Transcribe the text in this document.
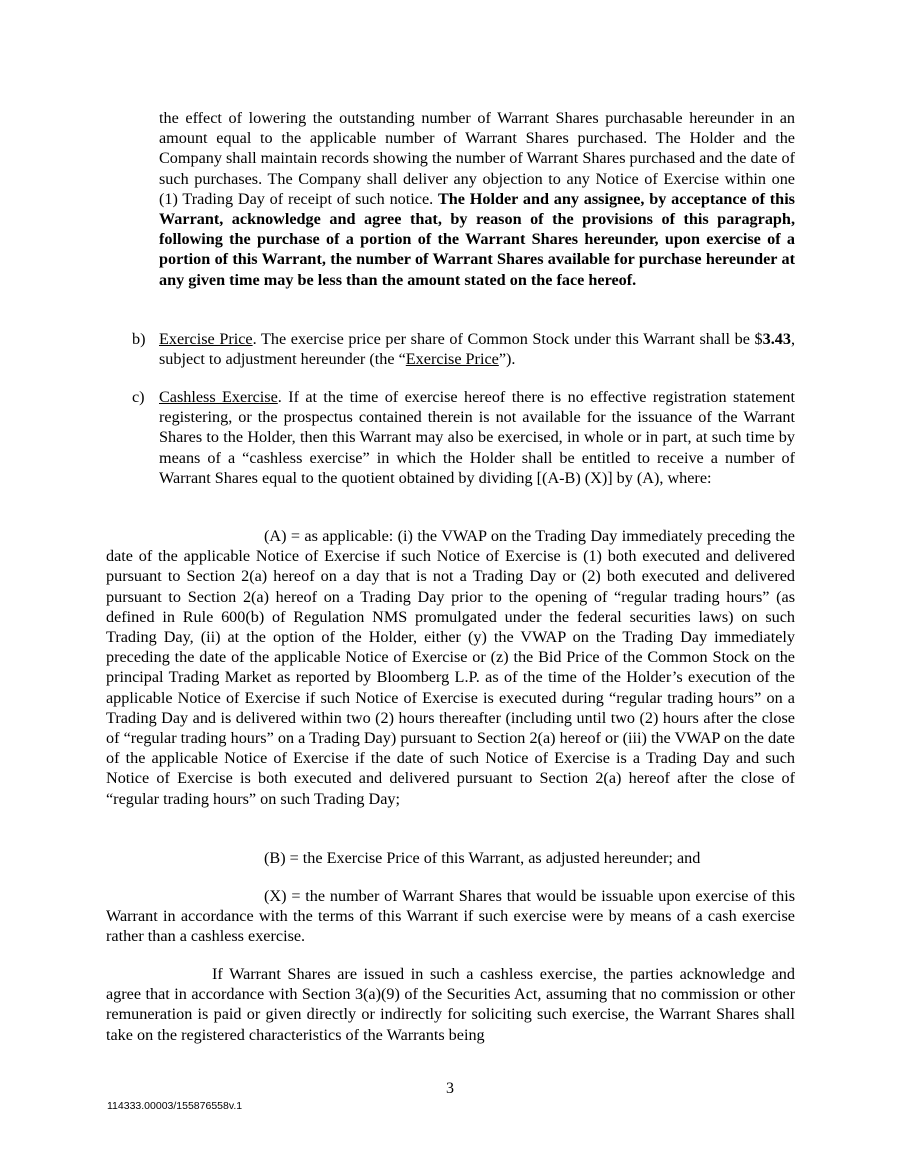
the effect of lowering the outstanding number of Warrant Shares purchasable hereunder in an amount equal to the applicable number of Warrant Shares purchased. The Holder and the Company shall maintain records showing the number of Warrant Shares purchased and the date of such purchases. The Company shall deliver any objection to any Notice of Exercise within one (1) Trading Day of receipt of such notice. The Holder and any assignee, by acceptance of this Warrant, acknowledge and agree that, by reason of the provisions of this paragraph, following the purchase of a portion of the Warrant Shares hereunder, upon exercise of a portion of this Warrant, the number of Warrant Shares available for purchase hereunder at any given time may be less than the amount stated on the face hereof.

b) Exercise Price. The exercise price per share of Common Stock under this Warrant shall be $3.43, subject to adjustment hereunder (the “Exercise Price”).

c) Cashless Exercise. If at the time of exercise hereof there is no effective registration statement registering, or the prospectus contained therein is not available for the issuance of the Warrant Shares to the Holder, then this Warrant may also be exercised, in whole or in part, at such time by means of a “cashless exercise” in which the Holder shall be entitled to receive a number of Warrant Shares equal to the quotient obtained by dividing [(A-B) (X)] by (A), where:

(A) = as applicable: (i) the VWAP on the Trading Day immediately preceding the date of the applicable Notice of Exercise if such Notice of Exercise is (1) both executed and delivered pursuant to Section 2(a) hereof on a day that is not a Trading Day or (2) both executed and delivered pursuant to Section 2(a) hereof on a Trading Day prior to the opening of “regular trading hours” (as defined in Rule 600(b) of Regulation NMS promulgated under the federal securities laws) on such Trading Day, (ii) at the option of the Holder, either (y) the VWAP on the Trading Day immediately preceding the date of the applicable Notice of Exercise or (z) the Bid Price of the Common Stock on the principal Trading Market as reported by Bloomberg L.P. as of the time of the Holder’s execution of the applicable Notice of Exercise if such Notice of Exercise is executed during “regular trading hours” on a Trading Day and is delivered within two (2) hours thereafter (including until two (2) hours after the close of “regular trading hours” on a Trading Day) pursuant to Section 2(a) hereof or (iii) the VWAP on the date of the applicable Notice of Exercise if the date of such Notice of Exercise is a Trading Day and such Notice of Exercise is both executed and delivered pursuant to Section 2(a) hereof after the close of “regular trading hours” on such Trading Day;

(B) = the Exercise Price of this Warrant, as adjusted hereunder; and

(X) = the number of Warrant Shares that would be issuable upon exercise of this Warrant in accordance with the terms of this Warrant if such exercise were by means of a cash exercise rather than a cashless exercise.

If Warrant Shares are issued in such a cashless exercise, the parties acknowledge and agree that in accordance with Section 3(a)(9) of the Securities Act, assuming that no commission or other remuneration is paid or given directly or indirectly for soliciting such exercise, the Warrant Shares shall take on the registered characteristics of the Warrants being

3
114333.00003/155876558v.1
